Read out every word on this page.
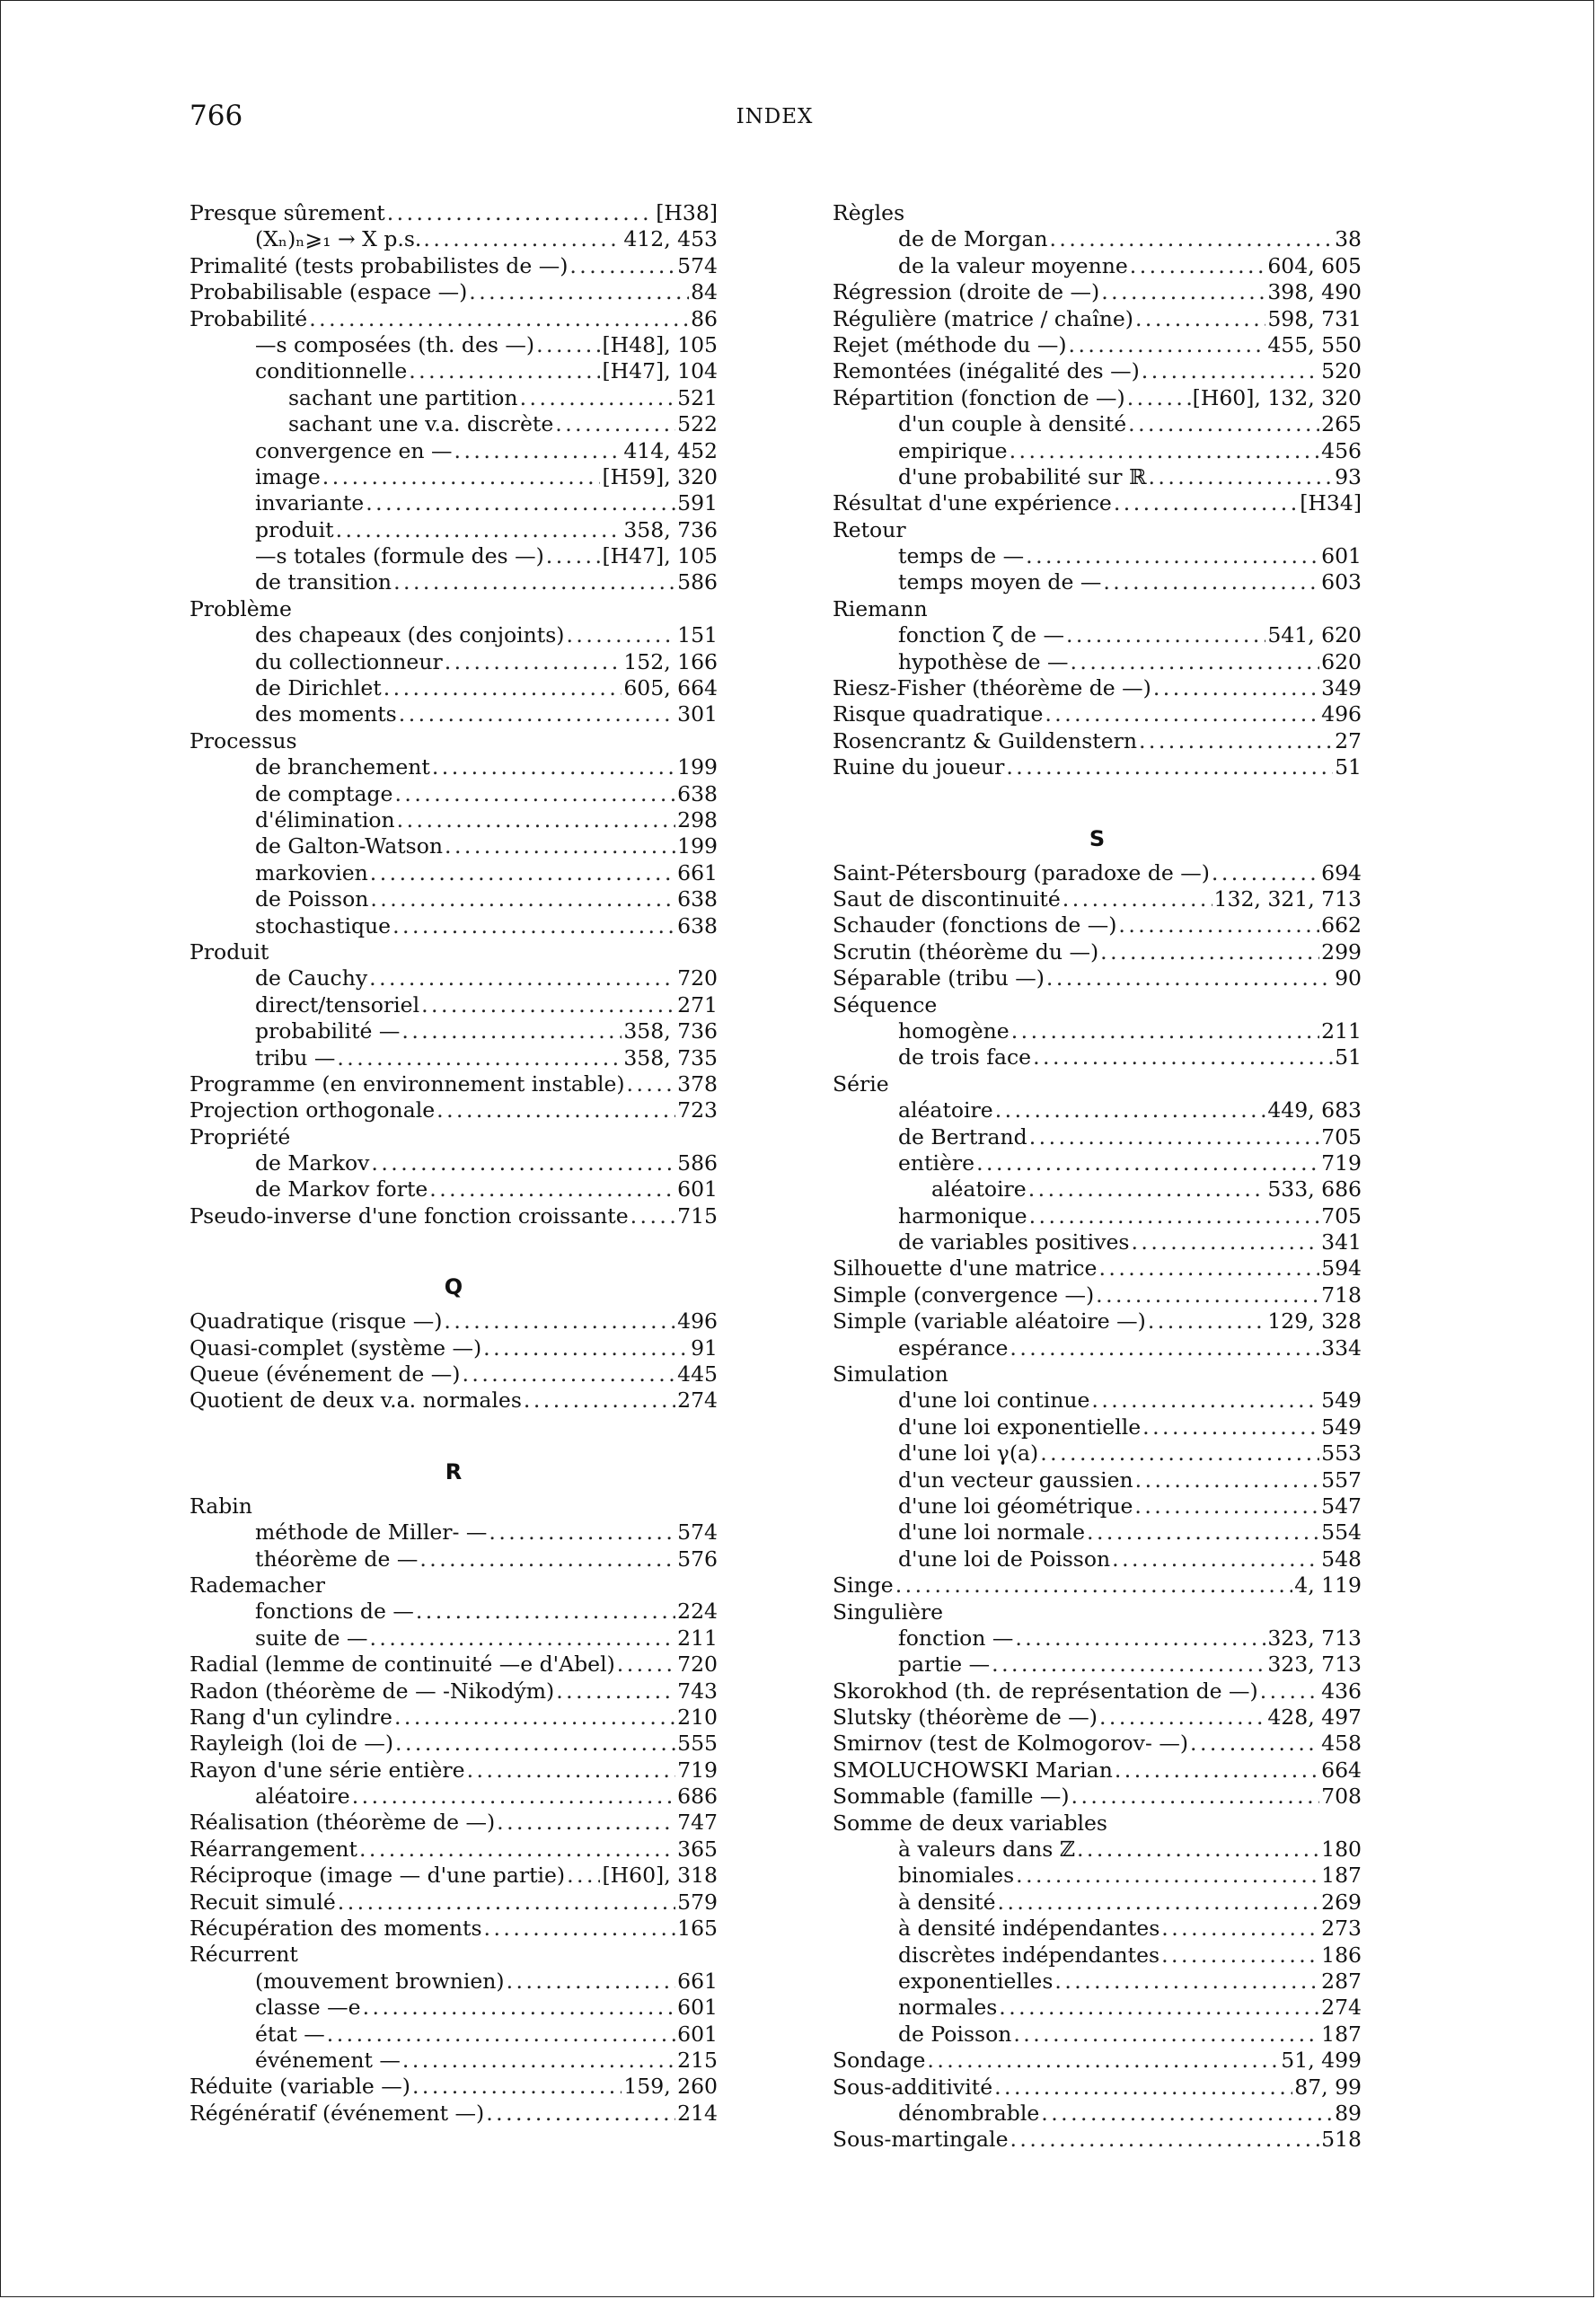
766	INDEX
Presque sûrement . . .	[H38]
(Xₙ)ₙ⩾₁ → X p.s. . . .	412, 453
Primalité (tests probabilistes de —) . . .	574
Probabilisable (espace —) . . .	84
Probabilité . . .	86
—s composées (th. des —) . . .	[H48], 105
conditionnelle . . .	[H47], 104
sachant une partition . . .	521
sachant une v.a. discrète . . .	522
convergence en — . . .	414, 452
image . . .	[H59], 320
invariante . . .	591
produit . . .	358, 736
—s totales (formule des —) . . .	[H47], 105
de transition . . .	586
Problème
des chapeaux (des conjoints) . . .	151
du collectionneur . . .	152, 166
de Dirichlet . . .	605, 664
des moments . . .	301
Processus
de branchement . . .	199
de comptage . . .	638
d'élimination . . .	298
de Galton-Watson . . .	199
markovien . . .	661
de Poisson . . .	638
stochastique . . .	638
Produit
de Cauchy . . .	720
direct/tensoriel . . .	271
probabilité — . . .	358, 736
tribu — . . .	358, 735
Programme (en environnement instable) . . . 378
Projection orthogonale . . .	723
Propriété
de Markov . . .	586
de Markov forte . . .	601
Pseudo-inverse d'une fonction croissante . . . 715
Q
Quadratique (risque —) . . .	496
Quasi-complet (système —) . . .	91
Queue (événement de —) . . .	445
Quotient de deux v.a. normales . . .	274
R
Rabin
méthode de Miller- — . . .	574
théorème de — . . .	576
Rademacher
fonctions de — . . .	224
suite de — . . .	211
Radial (lemme de continuité —e d'Abel) . . .	720
Radon (théorème de — -Nikodým) . . .	743
Rang d'un cylindre . . .	210
Rayleigh (loi de —) . . .	555
Rayon d'une série entière . . .	719
aléatoire . . .	686
Réalisation (théorème de —) . . .	747
Réarrangement . . .	365
Réciproque (image — d'une partie) . . . [H60], 318
Recuit simulé . . .	579
Récupération des moments . . .	165
Récurrent
(mouvement brownien) . . .	661
classe —e . . .	601
état — . . .	601
événement — . . .	215
Réduite (variable —) . . .	159, 260
Régénératif (événement —) . . .	214
Règles
de de Morgan . . .	38
de la valeur moyenne . . .	604, 605
Régression (droite de —) . . .	398, 490
Régulière (matrice / chaîne) . . .	598, 731
Rejet (méthode du —) . . .	455, 550
Remontées (inégalité des —) . . .	520
Répartition (fonction de —) . . .	[H60], 132, 320
d'un couple à densité . . .	265
empirique . . .	456
d'une probabilité sur ℝ . . .	93
Résultat d'une expérience . . .	[H34]
Retour
temps de — . . .	601
temps moyen de — . . .	603
Riemann
fonction ζ de — . . .	541, 620
hypothèse de — . . .	620
Riesz-Fisher (théorème de —) . . .	349
Risque quadratique . . .	496
Rosencrantz & Guildenstern . . .	27
Ruine du joueur . . .	51
S
Saint-Pétersbourg (paradoxe de —) . . .	694
Saut de discontinuité . . .	132, 321, 713
Schauder (fonctions de —) . . .	662
Scrutin (théorème du —) . . .	299
Séparable (tribu —) . . .	90
Séquence
homogène . . .	211
de trois face . . .	51
Série
aléatoire . . .	449, 683
de Bertrand . . .	705
entière . . .	719
aléatoire . . .	533, 686
harmonique . . .	705
de variables positives . . .	341
Silhouette d'une matrice . . .	594
Simple (convergence —) . . .	718
Simple (variable aléatoire —) . . .	129, 328
espérance . . .	334
Simulation
d'une loi continue . . .	549
d'une loi exponentielle . . .	549
d'une loi γ(a) . . .	553
d'un vecteur gaussien . . .	557
d'une loi géométrique . . .	547
d'une loi normale . . .	554
d'une loi de Poisson . . .	548
Singe . . .	4, 119
Singulière
fonction — . . .	323, 713
partie — . . .	323, 713
Skorokhod (th. de représentation de —) . . .	436
Slutsky (théorème de —) . . .	428, 497
Smirnov (test de Kolmogorov- —) . . .	458
SMOLUCHOWSKI Marian . . .	664
Sommable (famille —) . . .	708
Somme de deux variables
à valeurs dans ℤ . . .	180
binomiales . . .	187
à densité . . .	269
à densité indépendantes . . .	273
discrètes indépendantes . . .	186
exponentielles . . .	287
normales . . .	274
de Poisson . . .	187
Sondage . . .	51, 499
Sous-additivité . . .	87, 99
dénombrable . . .	89
Sous-martingale . . .	518
